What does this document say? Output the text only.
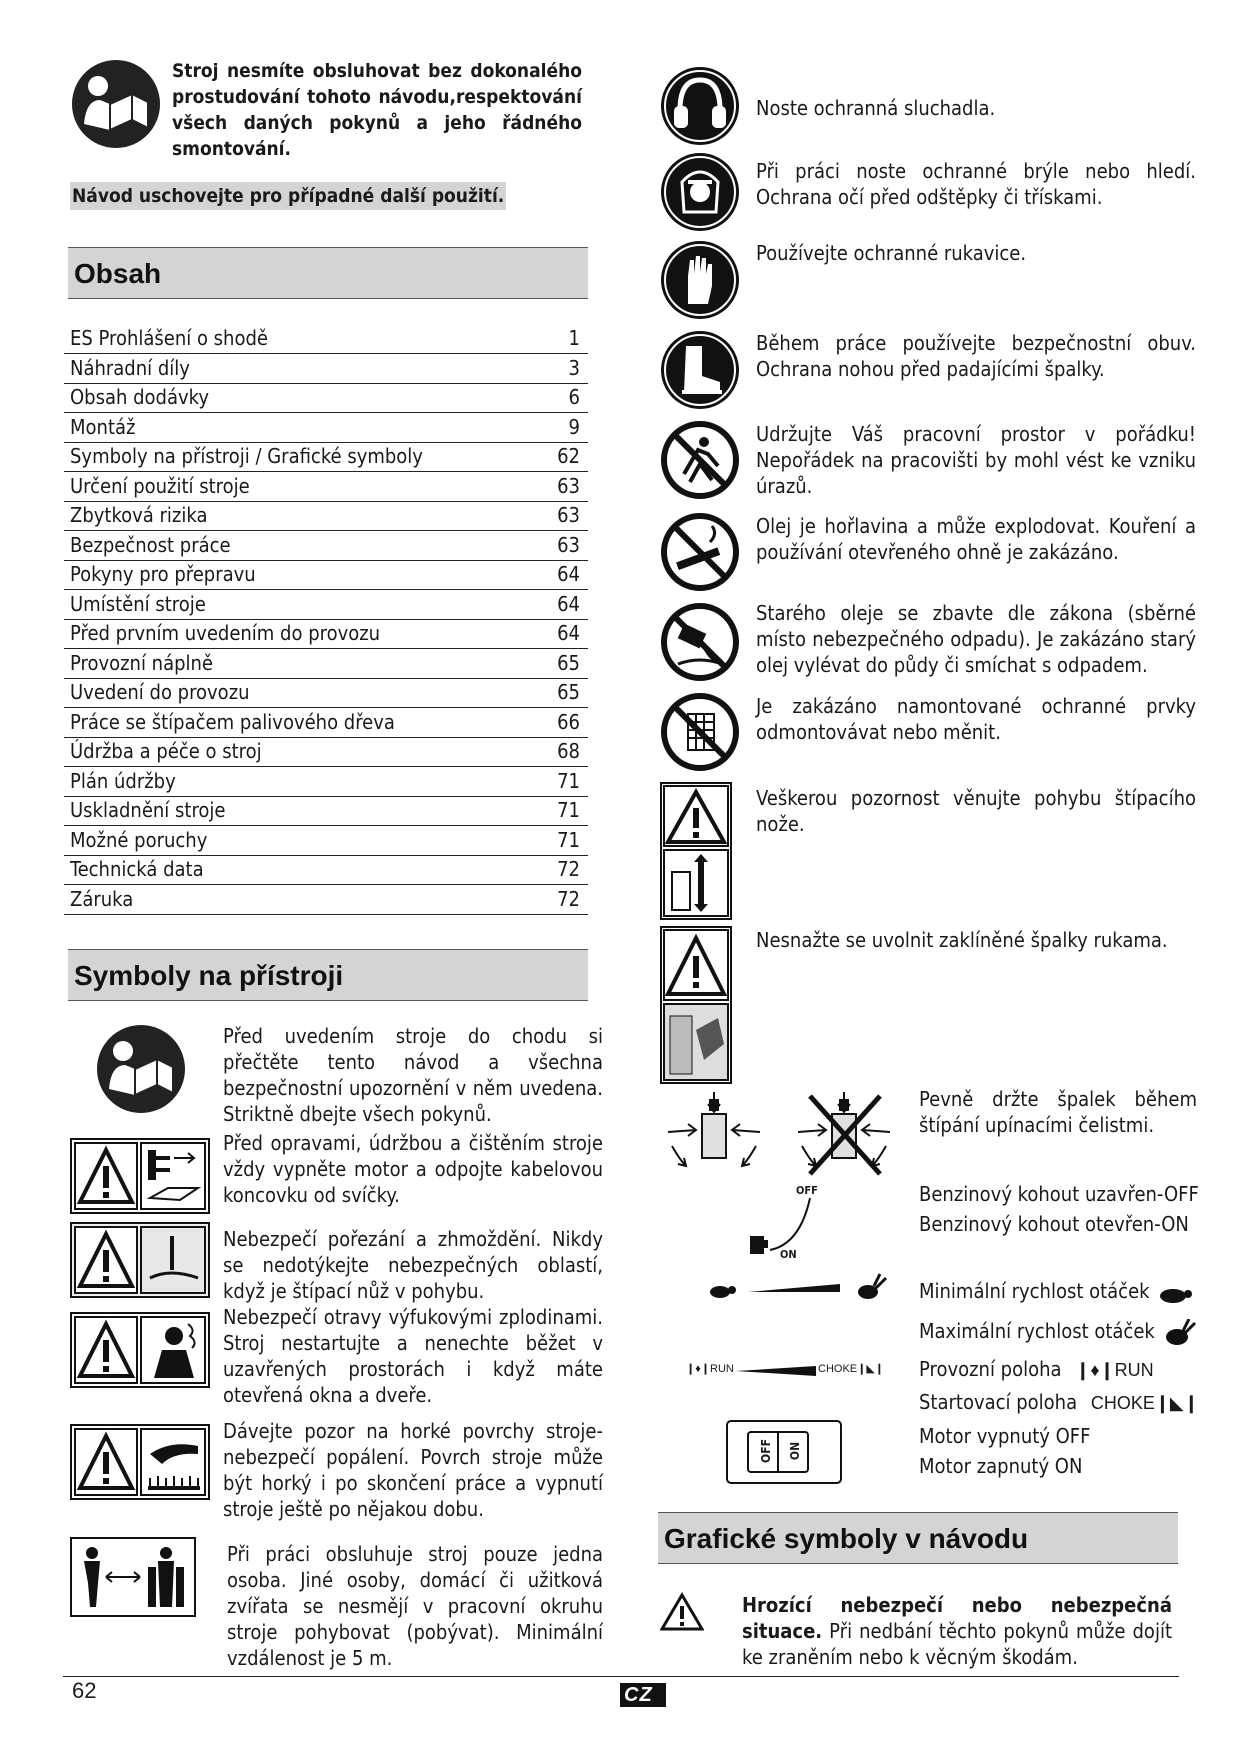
Stroj nesmíte obsluhovat bez dokonalého prostudování tohoto návodu,respektování všech daných pokynů a jeho řádného smontování.
Návod uschovejte pro případné další použití.
Obsah
ES Prohlášení o shodě	1
Náhradní díly	3
Obsah dodávky	6
Montáž	9
Symboly na přístroji / Grafické symboly	62
Určení použití stroje	63
Zbytková rizika	63
Bezpečnost práce	63
Pokyny pro přepravu	64
Umístění stroje	64
Před prvním uvedením do provozu	64
Provozní náplně	65
Uvedení do provozu	65
Práce se štípačem palivového dřeva	66
Údržba a péče o stroj	68
Plán údržby	71
Uskladnění stroje	71
Možné poruchy	71
Technická data	72
Záruka	72
Symboly na přístroji
Před uvedením stroje do chodu si přečtěte tento návod a všechna bezpečnostní upozornění v něm uvedena. Striktně dbejte všech pokynů.
Před opravami, údržbou a čištěním stroje vždy vypněte motor a odpojte kabelovou koncovku od svíčky.
Nebezpečí pořezání a zhmoždění. Nikdy se nedotýkejte nebezpečných oblastí, když je štípací nůž v pohybu.
Nebezpečí otravy výfukovými zplodinami. Stroj nestartujte a nenechte běžet v uzavřených prostorách i když máte otevřená okna a dveře.
Dávejte pozor na horké povrchy stroje-nebezpečí popálení. Povrch stroje může být horký i po skončení práce a vypnutí stroje ještě po nějakou dobu.
Při práci obsluhuje stroj pouze jedna osoba. Jiné osoby, domácí či užitková zvířata se nesmějí v pracovní okruhu stroje pohybovat (pobývat). Minimální vzdálenost je 5 m.
Noste ochranná sluchadla.
Při práci noste ochranné brýle nebo hledí. Ochrana očí před odštěpky či třískami.
Používejte ochranné rukavice.
Během práce používejte bezpečnostní obuv. Ochrana nohou před padajícími špalky.
Udržujte Váš pracovní prostor v pořádku! Nepořádek na pracovišti by mohl vést ke vzniku úrazů.
Olej je hořlavina a může explodovat. Kouření a používání otevřeného ohně je zakázáno.
Starého oleje se zbavte dle zákona (sběrné místo nebezpečného odpadu). Je zakázáno starý olej vylévat do půdy či smíchat s odpadem.
Je zakázáno namontované ochranné prvky odmontovávat nebo měnit.
Veškerou pozornost věnujte pohybu štípacího nože.
Nesnažte se uvolnit zaklíněné špalky rukama.
Pevně držte špalek během štípání upínacími čelistmi.
OFF
ON
Benzinový kohout uzavřen-OFF
Benzinový kohout otevřen-ON
Minimální rychlost otáček
Maximální rychlost otáček
❙♦❙RUN	CHOKE❙◣❙ Provozní poloha ❙♦❙RUN
Startovací poloha CHOKE❙◣❙
OFF ON
Motor vypnutý OFF
Motor zapnutý ON
Grafické symboly v návodu
Hrozící nebezpečí nebo nebezpečná situace. Při nedbání těchto pokynů může dojít ke zraněním nebo k věcným škodám.
62	CZ
